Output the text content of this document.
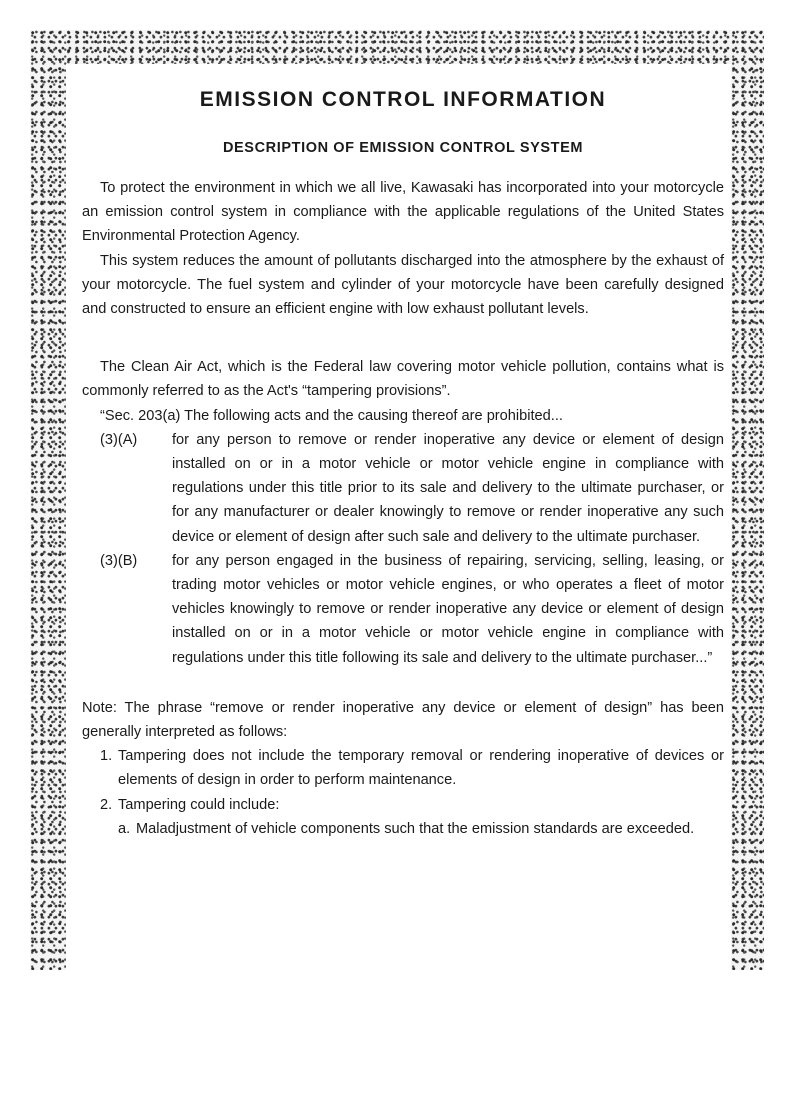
EMISSION CONTROL INFORMATION
DESCRIPTION OF EMISSION CONTROL SYSTEM

To protect the environment in which we all live, Kawasaki has incorporated into your motorcycle an emission control system in compliance with the applicable regulations of the United States Environmental Protection Agency.

This system reduces the amount of pollutants discharged into the atmosphere by the exhaust of your motorcycle. The fuel system and cylinder of your motorcycle have been carefully designed and constructed to ensure an efficient engine with low exhaust pollutant levels.

The Clean Air Act, which is the Federal law covering motor vehicle pollution, contains what is commonly referred to as the Act's “tampering provisions”.

“Sec. 203(a) The following acts and the causing thereof are prohibited...

(3)(A)	for any person to remove or render inoperative any device or element of design installed on or in a motor vehicle or motor vehicle engine in compliance with regulations under this title prior to its sale and delivery to the ultimate purchaser, or for any manufacturer or dealer knowingly to remove or render inoperative any such device or element of design after such sale and delivery to the ultimate purchaser.
(3)(B)	for any person engaged in the business of repairing, servicing, selling, leasing, or trading motor vehicles or motor vehicle engines, or who operates a fleet of motor vehicles knowingly to remove or render inoperative any device or element of design installed on or in a motor vehicle or motor vehicle engine in compliance with regulations under this title following its sale and delivery to the ultimate purchaser...”

Note: The phrase “remove or render inoperative any device or element of design” has been generally interpreted as follows:

1. Tampering does not include the temporary removal or rendering inoperative of devices or elements of design in order to perform maintenance.
2. Tampering could include:
a. Maladjustment of vehicle components such that the emission standards are exceeded.
